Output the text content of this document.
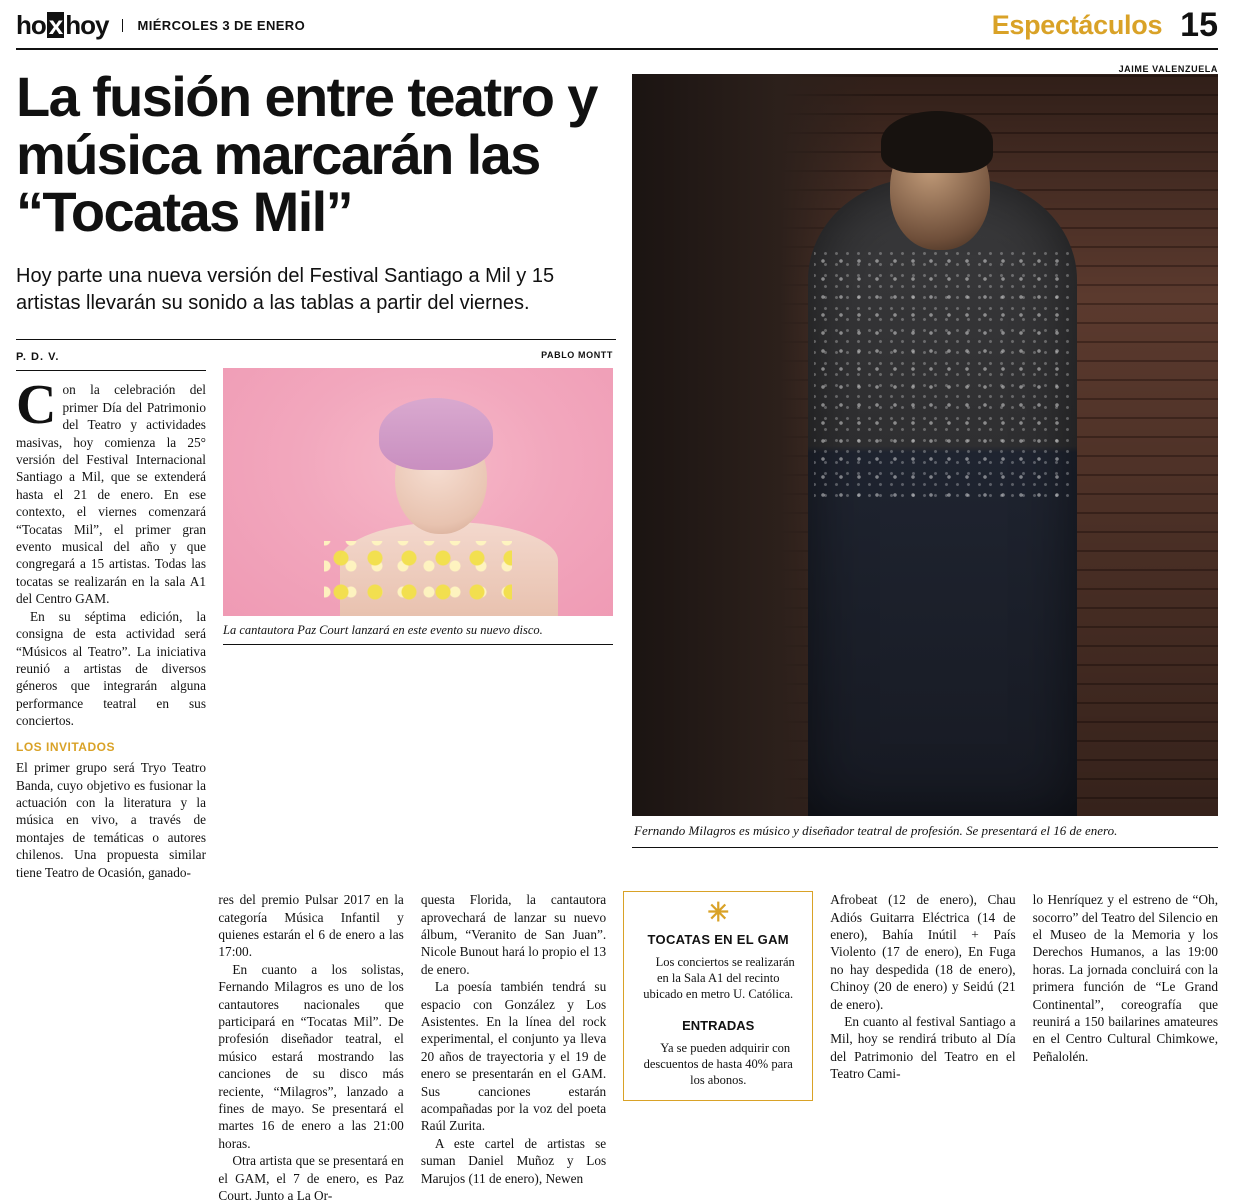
ho x hoy	MIÉRCOLES 3 DE ENERO	Espectáculos 15
La fusión entre teatro y música marcarán las “Tocatas Mil”
Hoy parte una nueva versión del Festival Santiago a Mil y 15 artistas llevarán su sonido a las tablas a partir del viernes.
P. D. V.

Con la celebración del primer Día del Patrimonio del Teatro y actividades masivas, hoy comienza la 25° versión del Festival Internacional Santiago a Mil, que se extenderá hasta el 21 de enero. En ese contexto, el viernes comenzará “Tocatas Mil”, el primer gran evento musical del año y que congregará a 15 artistas. Todas las tocatas se realizarán en la sala A1 del Centro GAM.

En su séptima edición, la consigna de esta actividad será “Músicos al Teatro”. La iniciativa reunió a artistas de diversos géneros que integrarán alguna performance teatral en sus conciertos.

LOS INVITADOS

El primer grupo será Tryo Teatro Banda, cuyo objetivo es fusionar la actuación con la literatura y la música en vivo, a través de montajes de temáticas o autores chilenos. Una propuesta similar tiene Teatro de Ocasión, ganado-

PABLO MONTT
La cantautora Paz Court lanzará en este evento su nuevo disco.
JAIME VALENZUELA
Fernando Milagros es músico y diseñador teatral de profesión. Se presentará el 16 de enero.

res del premio Pulsar 2017 en la categoría Música Infantil y quienes estarán el 6 de enero a las 17:00.

En cuanto a los solistas, Fernando Milagros es uno de los cantautores nacionales que participará en “Tocatas Mil”. De profesión diseñador teatral, el músico estará mostrando las canciones de su disco más reciente, “Milagros”, lanzado a fines de mayo. Se presentará el martes 16 de enero a las 21:00 horas.

Otra artista que se presentará en el GAM, el 7 de enero, es Paz Court. Junto a La Or-

questa Florida, la cantautora aprovechará de lanzar su nuevo álbum, “Veranito de San Juan”. Nicole Bunout hará lo propio el 13 de enero.

La poesía también tendrá su espacio con González y Los Asistentes. En la línea del rock experimental, el conjunto ya lleva 20 años de trayectoria y el 19 de enero se presentarán en el GAM. Sus canciones estarán acompañadas por la voz del poeta Raúl Zurita.

A este cartel de artistas se suman Daniel Muñoz y Los Marujos (11 de enero), Newen

✳
TOCATAS EN EL GAM

Los conciertos se realizarán en la Sala A1 del recinto ubicado en metro U. Católica.

ENTRADAS

Ya se pueden adquirir con descuentos de hasta 40% para los abonos.

Afrobeat (12 de enero), Chau Adiós Guitarra Eléctrica (14 de enero), Bahía Inútil + País Violento (17 de enero), En Fuga no hay despedida (18 de enero), Chinoy (20 de enero) y Seidú (21 de enero).

En cuanto al festival Santiago a Mil, hoy se rendirá tributo al Día del Patrimonio del Teatro en el Teatro Cami-

lo Henríquez y el estreno de “Oh, socorro” del Teatro del Silencio en el Museo de la Memoria y los Derechos Humanos, a las 19:00 horas. La jornada concluirá con la primera función de “Le Grand Continental”, coreografía que reunirá a 150 bailarines amateures en el Centro Cultural Chimkowe, Peñalolén.
